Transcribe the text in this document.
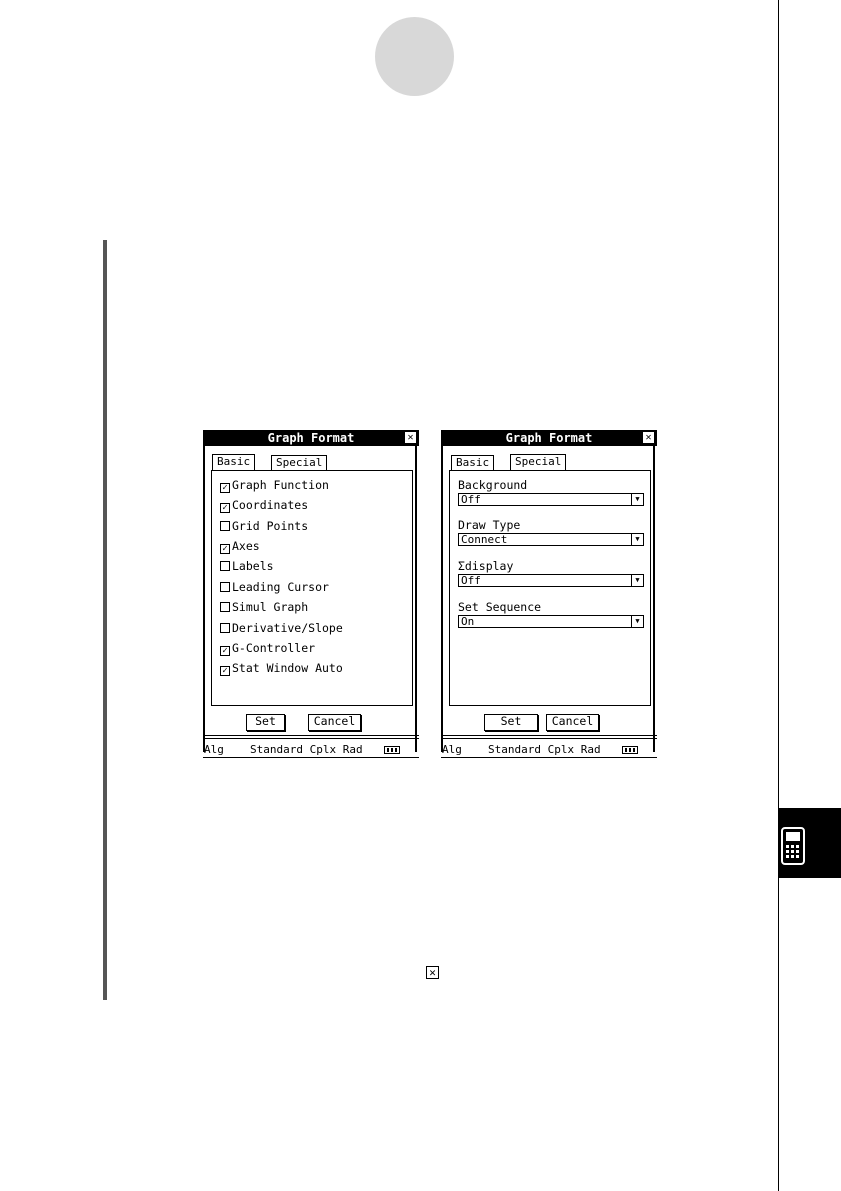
Graph Format	✕
Basic	Special
✓ Graph Function
✓ Coordinates
Grid Points
✓ Axes
Labels
Leading Cursor
Simul Graph
Derivative/Slope
✓ G-Controller
✓ Stat Window Auto
Set	Cancel
Alg Standard Cplx Rad
Graph Format	✕
Basic	Special
Background
Off	▼
Draw Type
Connect	▼
Σdisplay
Off	▼
Set Sequence
On	▼
Set	Cancel
Alg Standard Cplx Rad
✕
